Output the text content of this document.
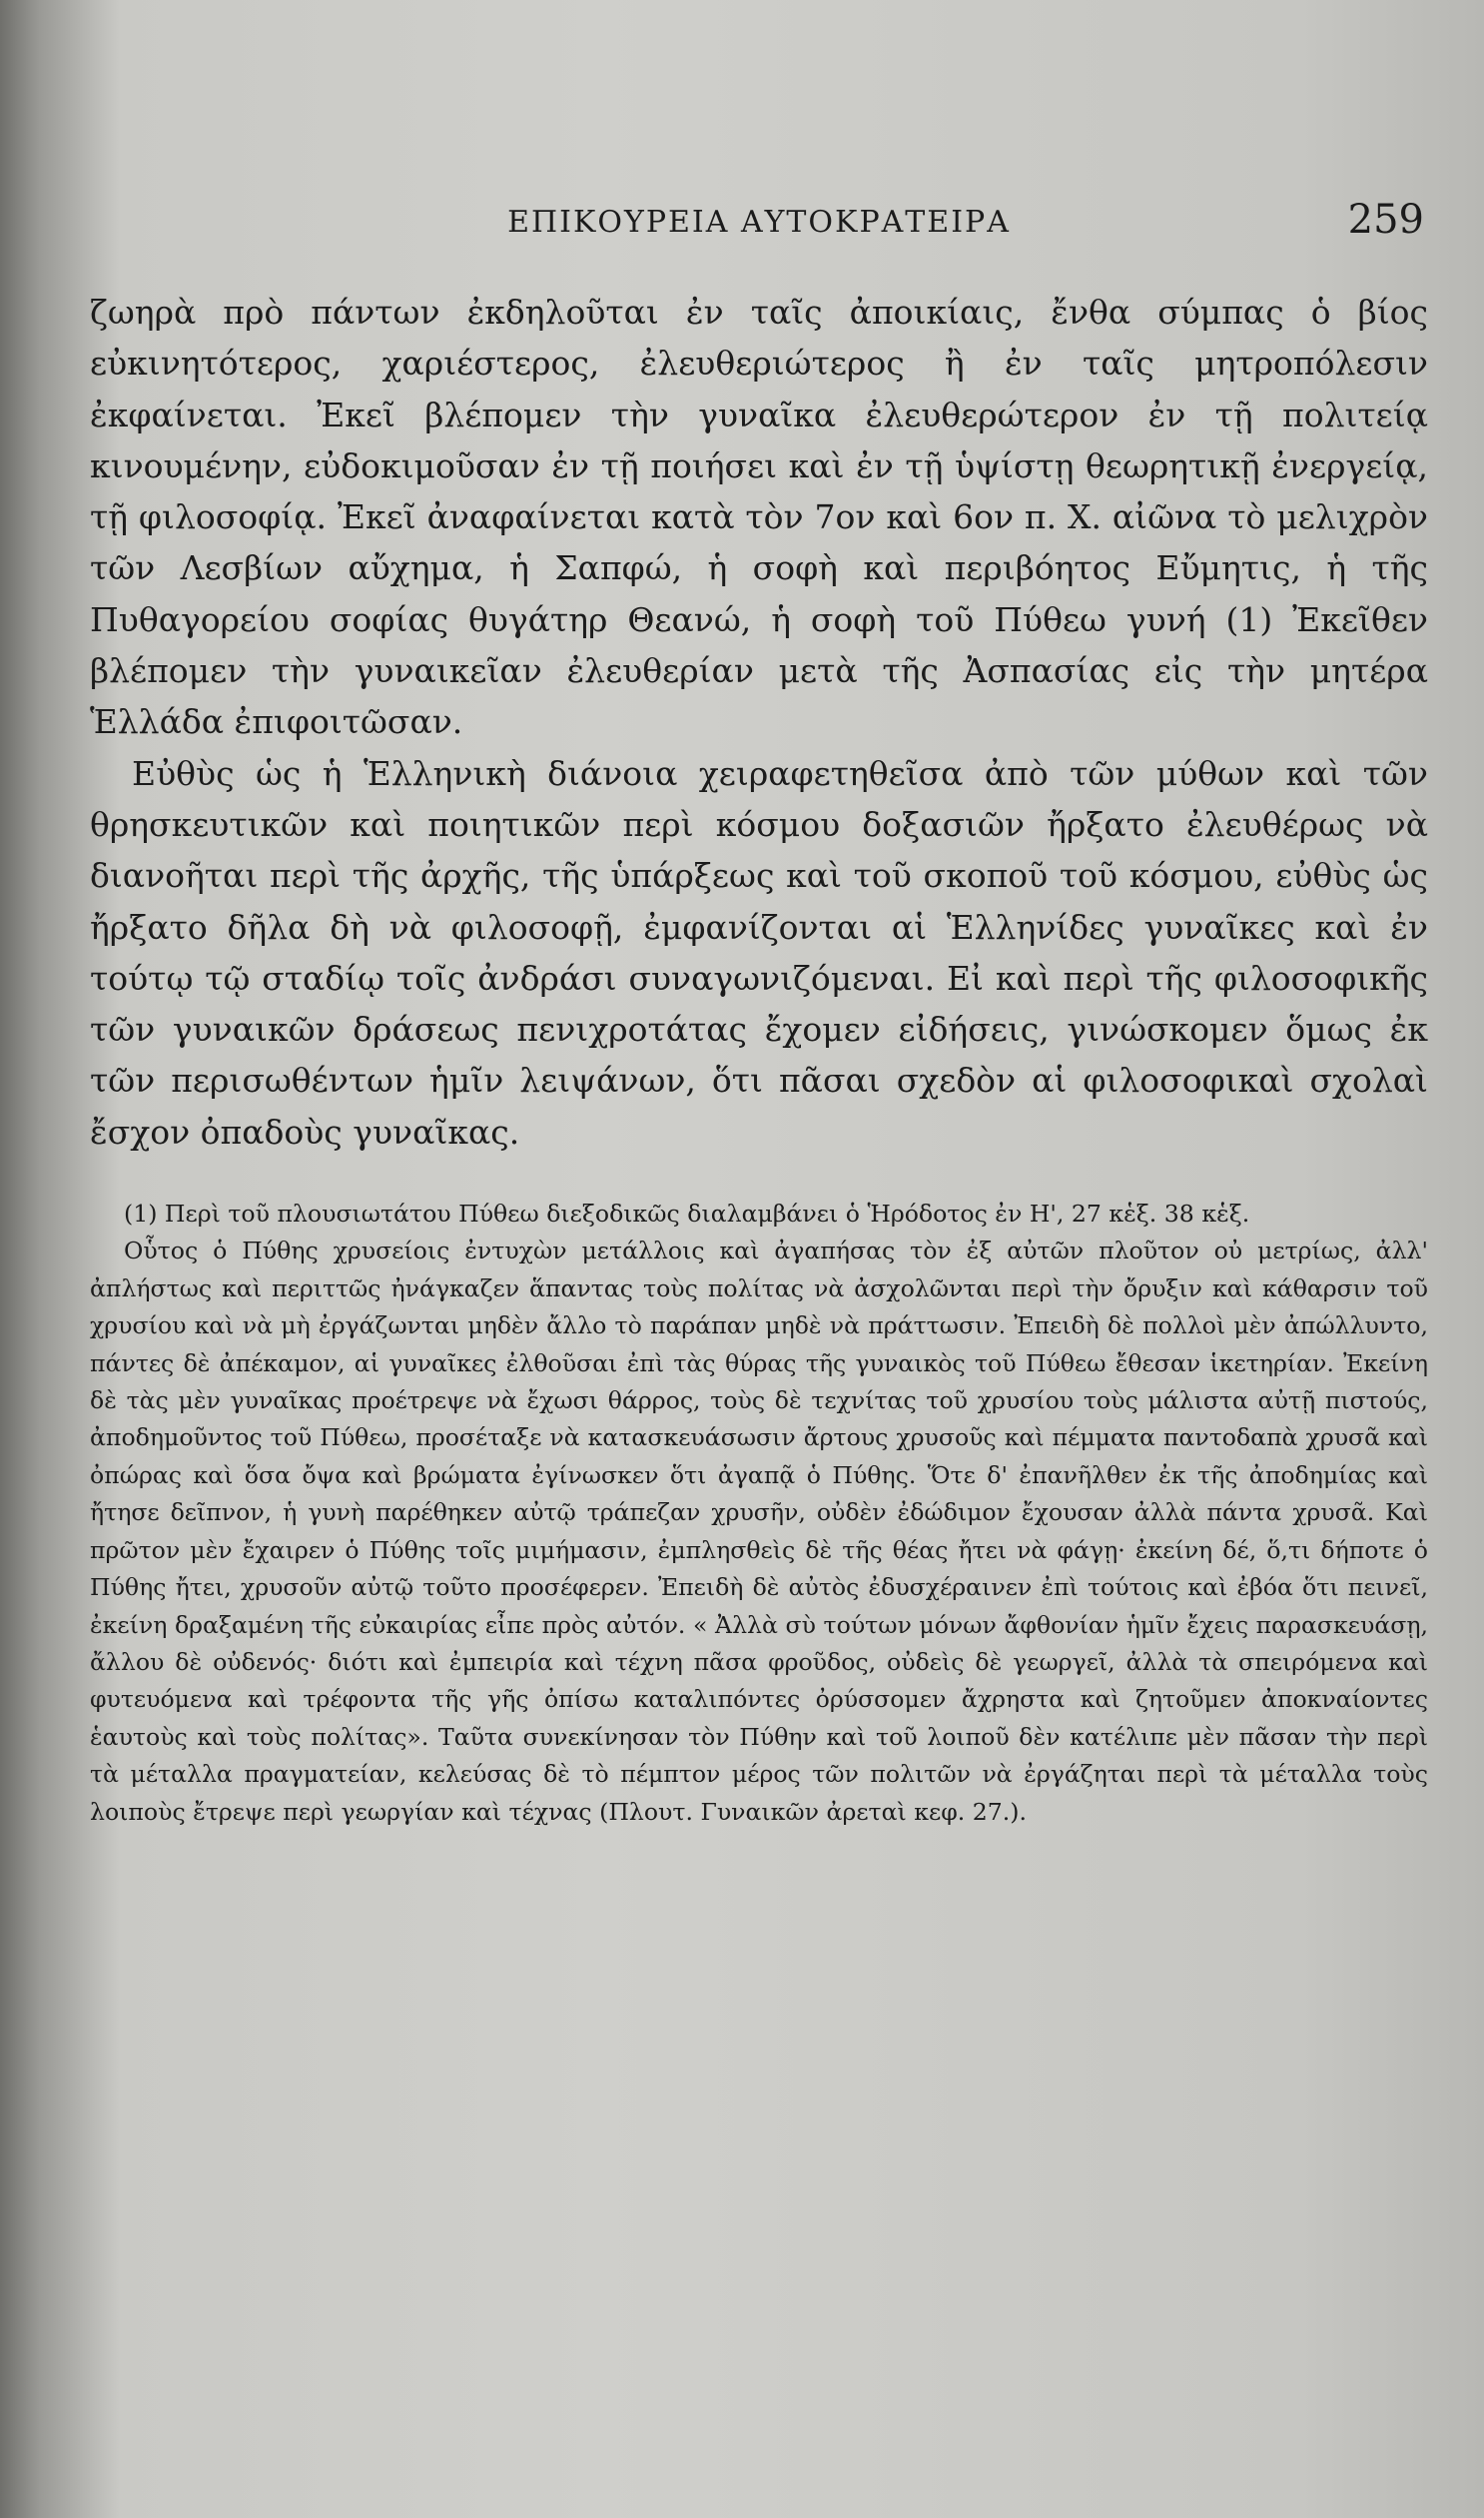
ΕΠΙΚΟΥΡΕΙΑ ΑΥΤΟΚΡΑΤΕΙΡΑ	259

ζωηρὰ πρὸ πάντων ἐκδηλοῦται ἐν ταῖς ἀποικίαις, ἔνθα σύμπας ὁ βίος εὐκινητότερος, χαριέστερος, ἐλευθεριώτερος ἢ ἐν ταῖς μητροπόλεσιν ἐκφαίνεται. Ἐκεῖ βλέπομεν τὴν γυναῖκα ἐλευθερώτερον ἐν τῇ πολιτείᾳ κινουμένην, εὐδοκιμοῦσαν ἐν τῇ ποιήσει καὶ ἐν τῇ ὑψίστῃ θεωρητικῇ ἐνεργείᾳ, τῇ φιλοσοφίᾳ. Ἐκεῖ ἀναφαίνεται κατὰ τὸν 7ον καὶ 6ον π. Χ. αἰῶνα τὸ μελιχρὸν τῶν Λεσβίων αὔχημα, ἡ Σαπφώ, ἡ σοφὴ καὶ περιβόητος Εὔμητις, ἡ τῆς Πυθαγορείου σοφίας θυγάτηρ Θεανώ, ἡ σοφὴ τοῦ Πύθεω γυνή (1) Ἐκεῖθεν βλέπομεν τὴν γυναικεῖαν ἐλευθερίαν μετὰ τῆς Ἀσπασίας εἰς τὴν μητέρα Ἑλλάδα ἐπιφοιτῶσαν.

Εὐθὺς ὡς ἡ Ἑλληνικὴ διάνοια χειραφετηθεῖσα ἀπὸ τῶν μύθων καὶ τῶν θρησκευτικῶν καὶ ποιητικῶν περὶ κόσμου δοξασιῶν ἤρξατο ἐλευθέρως νὰ διανοῆται περὶ τῆς ἀρχῆς, τῆς ὑπάρξεως καὶ τοῦ σκοποῦ τοῦ κόσμου, εὐθὺς ὡς ἤρξατο δῆλα δὴ νὰ φιλοσοφῇ, ἐμφανίζονται αἱ Ἑλληνίδες γυναῖκες καὶ ἐν τούτῳ τῷ σταδίῳ τοῖς ἀνδράσι συναγωνιζόμεναι. Εἰ καὶ περὶ τῆς φιλοσοφικῆς τῶν γυναικῶν δράσεως πενιχροτάτας ἔχομεν εἰδήσεις, γινώσκομεν ὅμως ἐκ τῶν περισωθέντων ἡμῖν λειψάνων, ὅτι πᾶσαι σχεδὸν αἱ φιλοσοφικαὶ σχολαὶ ἔσχον ὀπαδοὺς γυναῖκας.

(1) Περὶ τοῦ πλουσιωτάτου Πύθεω διεξοδικῶς διαλαμβάνει ὁ Ἡρόδοτος ἐν Η', 27 κἑξ. 38 κἑξ.

Οὗτος ὁ Πύθης χρυσείοις ἐντυχὼν μετάλλοις καὶ ἀγαπήσας τὸν ἐξ αὐτῶν πλοῦτον οὐ μετρίως, ἀλλ' ἀπλήστως καὶ περιττῶς ἠνάγκαζεν ἅπαντας τοὺς πολίτας νὰ ἀσχολῶνται περὶ τὴν ὄρυξιν καὶ κάθαρσιν τοῦ χρυσίου καὶ νὰ μὴ ἐργάζωνται μηδὲν ἄλλο τὸ παράπαν μηδὲ νὰ πράττωσιν. Ἐπειδὴ δὲ πολλοὶ μὲν ἀπώλλυντο, πάντες δὲ ἀπέκαμον, αἱ γυναῖκες ἐλθοῦσαι ἐπὶ τὰς θύρας τῆς γυναικὸς τοῦ Πύθεω ἔθεσαν ἱκετηρίαν. Ἐκείνη δὲ τὰς μὲν γυναῖκας προέτρεψε νὰ ἔχωσι θάρρος, τοὺς δὲ τεχνίτας τοῦ χρυσίου τοὺς μάλιστα αὐτῇ πιστούς, ἀποδημοῦντος τοῦ Πύθεω, προσέταξε νὰ κατασκευάσωσιν ἄρτους χρυσοῦς καὶ πέμματα παντοδαπὰ χρυσᾶ καὶ ὀπώρας καὶ ὅσα ὄψα καὶ βρώματα ἐγίνωσκεν ὅτι ἀγαπᾷ ὁ Πύθης. Ὅτε δ' ἐπανῆλθεν ἐκ τῆς ἀποδημίας καὶ ἤτησε δεῖπνον, ἡ γυνὴ παρέθηκεν αὐτῷ τράπεζαν χρυσῆν, οὐδὲν ἐδώδιμον ἔχουσαν ἀλλὰ πάντα χρυσᾶ. Καὶ πρῶτον μὲν ἔχαιρεν ὁ Πύθης τοῖς μιμήμασιν, ἐμπλησθεὶς δὲ τῆς θέας ἤτει νὰ φάγῃ· ἐκείνη δέ, ὅ,τι δήποτε ὁ Πύθης ἤτει, χρυσοῦν αὐτῷ τοῦτο προσέφερεν. Ἐπειδὴ δὲ αὐτὸς ἐδυσχέραινεν ἐπὶ τούτοις καὶ ἐβόα ὅτι πεινεῖ, ἐκείνη δραξαμένη τῆς εὐκαιρίας εἶπε πρὸς αὐτόν. « Ἀλλὰ σὺ τούτων μόνων ἄφθονίαν ἡμῖν ἔχεις παρασκευάσῃ, ἄλλου δὲ οὐδενός· διότι καὶ ἐμπειρία καὶ τέχνη πᾶσα φροῦδος, οὐδεὶς δὲ γεωργεῖ, ἀλλὰ τὰ σπειρόμενα καὶ φυτευόμενα καὶ τρέφοντα τῆς γῆς ὀπίσω καταλιπόντες ὀρύσσομεν ἄχρηστα καὶ ζητοῦμεν ἀποκναίοντες ἑαυτοὺς καὶ τοὺς πολίτας». Ταῦτα συνεκίνησαν τὸν Πύθην καὶ τοῦ λοιποῦ δὲν κατέλιπε μὲν πᾶσαν τὴν περὶ τὰ μέταλλα πραγματείαν, κελεύσας δὲ τὸ πέμπτον μέρος τῶν πολιτῶν νὰ ἐργάζηται περὶ τὰ μέταλλα τοὺς λοιποὺς ἔτρεψε περὶ γεωργίαν καὶ τέχνας (Πλουτ. Γυναικῶν ἀρεταὶ κεφ. 27.).
